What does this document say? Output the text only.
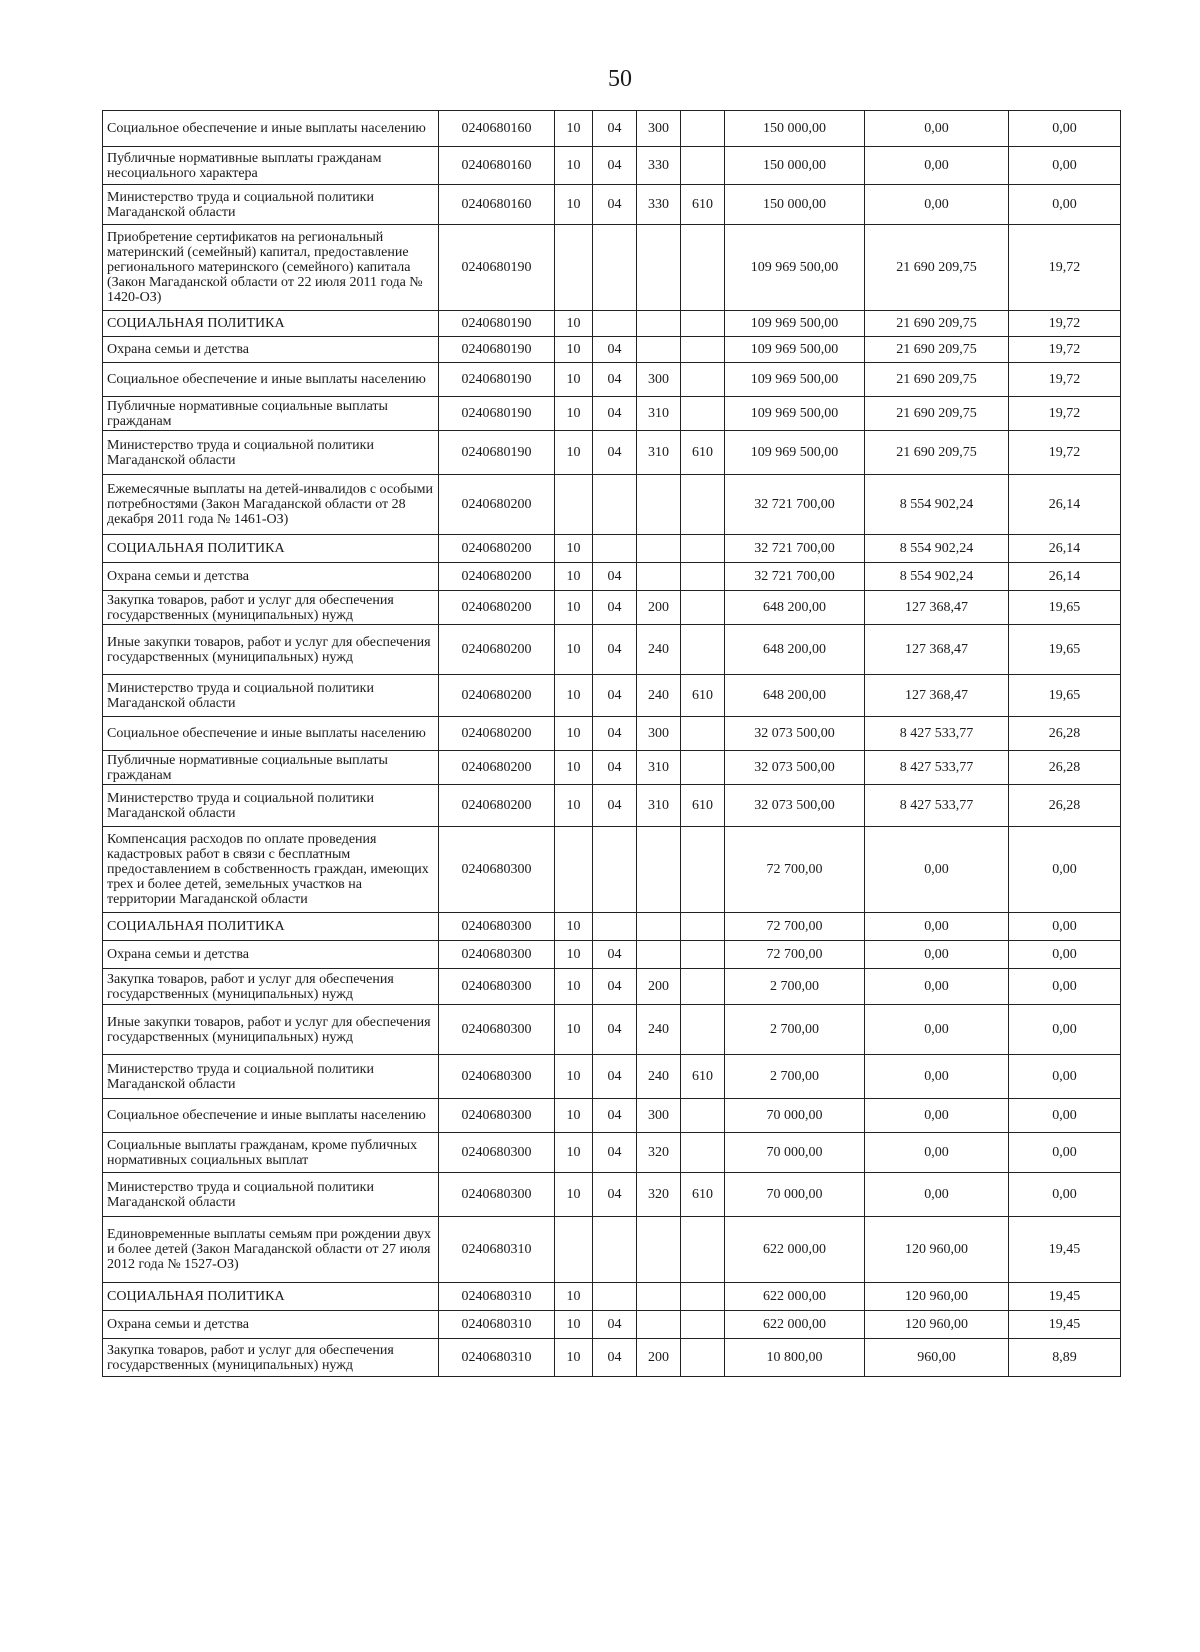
50
Социальное обеспечение и иные выплаты населению	0240680160	10	04	300		150 000,00	0,00	0,00
Публичные нормативные выплаты гражданам несоциального характера	0240680160	10	04	330		150 000,00	0,00	0,00
Министерство труда и социальной политики Магаданской области	0240680160	10	04	330	610	150 000,00	0,00	0,00
Приобретение сертификатов на региональный материнский (семейный) капитал, предоставление регионального материнского (семейного) капитала (Закон Магаданской области от 22 июля 2011 года № 1420-ОЗ)	0240680190					109 969 500,00	21 690 209,75	19,72
СОЦИАЛЬНАЯ ПОЛИТИКА	0240680190	10				109 969 500,00	21 690 209,75	19,72
Охрана семьи и детства	0240680190	10	04			109 969 500,00	21 690 209,75	19,72
Социальное обеспечение и иные выплаты населению	0240680190	10	04	300		109 969 500,00	21 690 209,75	19,72
Публичные нормативные социальные выплаты гражданам	0240680190	10	04	310		109 969 500,00	21 690 209,75	19,72
Министерство труда и социальной политики Магаданской области	0240680190	10	04	310	610	109 969 500,00	21 690 209,75	19,72
Ежемесячные выплаты на детей-инвалидов с особыми потребностями (Закон Магаданской области от 28 декабря 2011 года № 1461-ОЗ)	0240680200					32 721 700,00	8 554 902,24	26,14
СОЦИАЛЬНАЯ ПОЛИТИКА	0240680200	10				32 721 700,00	8 554 902,24	26,14
Охрана семьи и детства	0240680200	10	04			32 721 700,00	8 554 902,24	26,14
Закупка товаров, работ и услуг для обеспечения государственных (муниципальных) нужд	0240680200	10	04	200		648 200,00	127 368,47	19,65
Иные закупки товаров, работ и услуг для обеспечения государственных (муниципальных) нужд	0240680200	10	04	240		648 200,00	127 368,47	19,65
Министерство труда и социальной политики Магаданской области	0240680200	10	04	240	610	648 200,00	127 368,47	19,65
Социальное обеспечение и иные выплаты населению	0240680200	10	04	300		32 073 500,00	8 427 533,77	26,28
Публичные нормативные социальные выплаты гражданам	0240680200	10	04	310		32 073 500,00	8 427 533,77	26,28
Министерство труда и социальной политики Магаданской области	0240680200	10	04	310	610	32 073 500,00	8 427 533,77	26,28
Компенсация расходов по оплате проведения кадастровых работ в связи с бесплатным предоставлением в собственность граждан, имеющих трех и более детей, земельных участков на территории Магаданской области	0240680300					72 700,00	0,00	0,00
СОЦИАЛЬНАЯ ПОЛИТИКА	0240680300	10				72 700,00	0,00	0,00
Охрана семьи и детства	0240680300	10	04			72 700,00	0,00	0,00
Закупка товаров, работ и услуг для обеспечения государственных (муниципальных) нужд	0240680300	10	04	200		2 700,00	0,00	0,00
Иные закупки товаров, работ и услуг для обеспечения государственных (муниципальных) нужд	0240680300	10	04	240		2 700,00	0,00	0,00
Министерство труда и социальной политики Магаданской области	0240680300	10	04	240	610	2 700,00	0,00	0,00
Социальное обеспечение и иные выплаты населению	0240680300	10	04	300		70 000,00	0,00	0,00
Социальные выплаты гражданам, кроме публичных нормативных социальных выплат	0240680300	10	04	320		70 000,00	0,00	0,00
Министерство труда и социальной политики Магаданской области	0240680300	10	04	320	610	70 000,00	0,00	0,00
Единовременные выплаты семьям при рождении двух и более детей (Закон Магаданской области от 27 июля 2012 года № 1527-ОЗ)	0240680310					622 000,00	120 960,00	19,45
СОЦИАЛЬНАЯ ПОЛИТИКА	0240680310	10				622 000,00	120 960,00	19,45
Охрана семьи и детства	0240680310	10	04			622 000,00	120 960,00	19,45
Закупка товаров, работ и услуг для обеспечения государственных (муниципальных) нужд	0240680310	10	04	200		10 800,00	960,00	8,89
